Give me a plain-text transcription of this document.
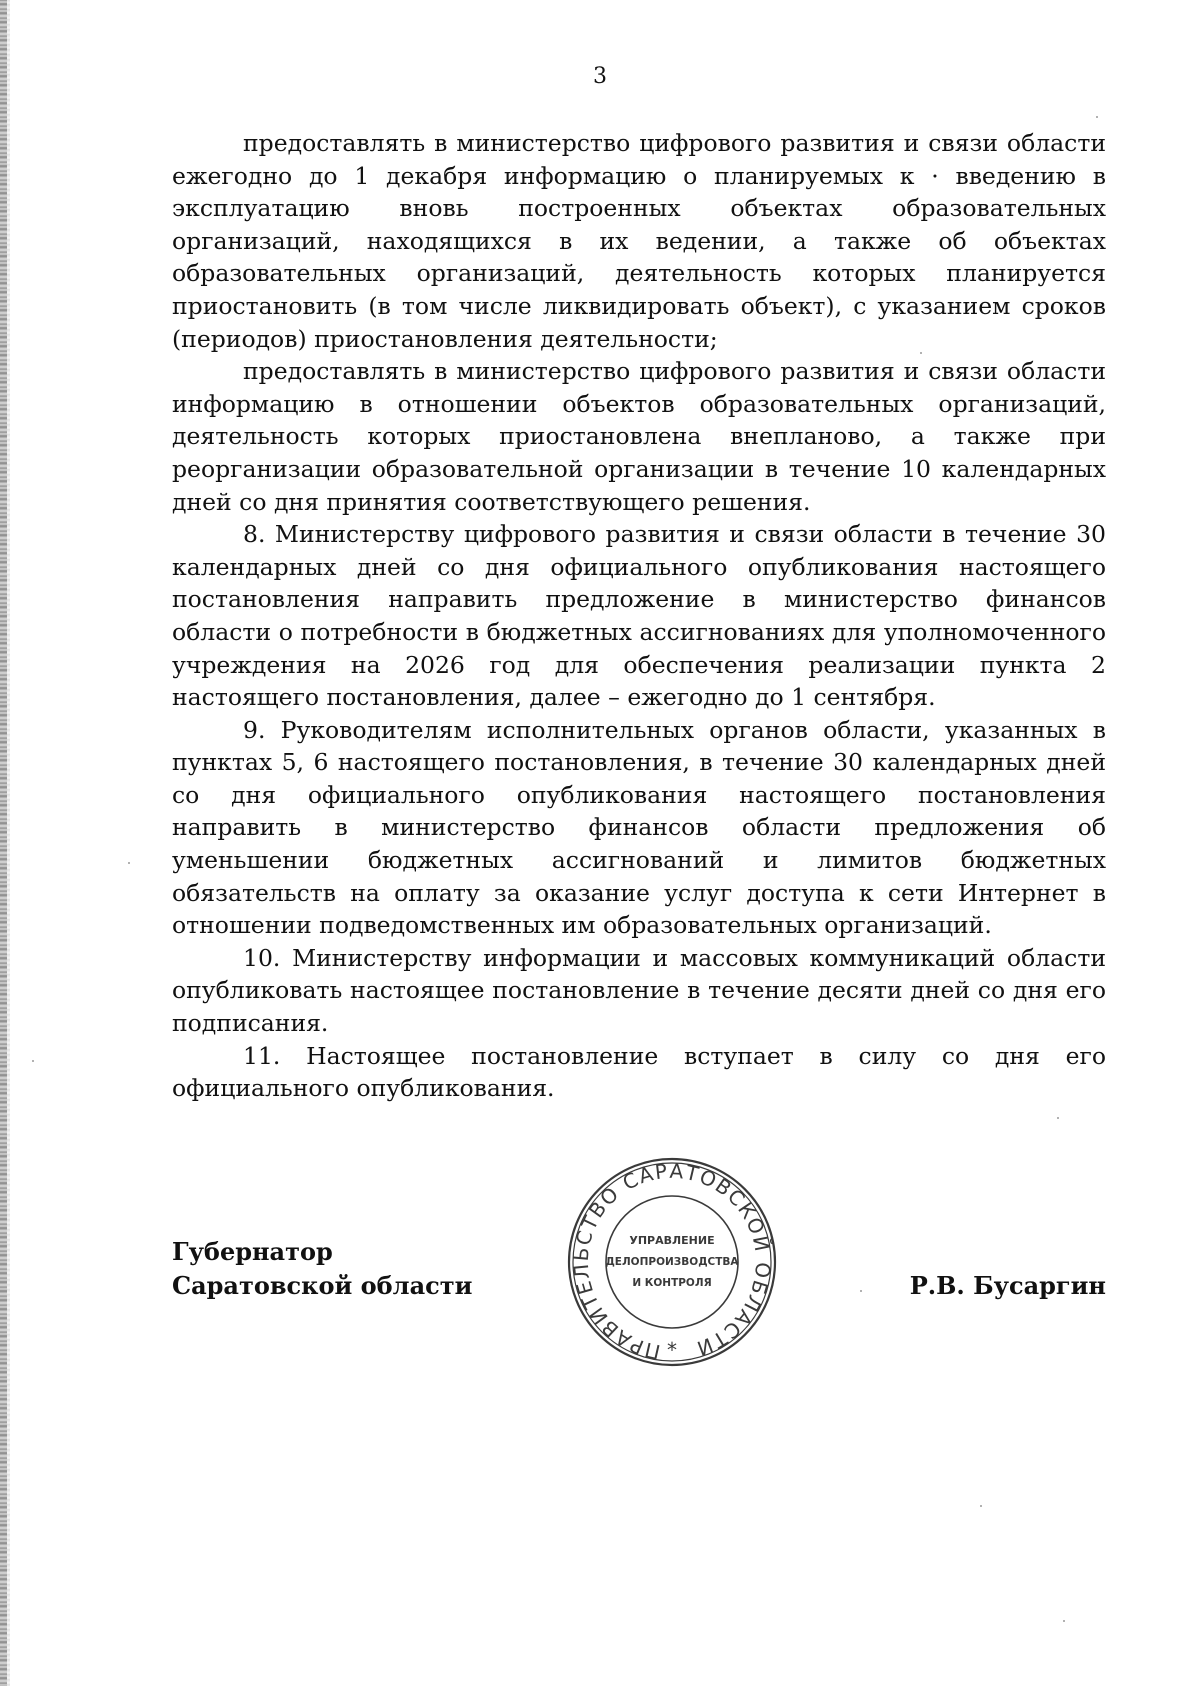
3

предоставлять в министерство цифрового развития и связи области ежегодно до 1 декабря информацию о планируемых к · введению в эксплуатацию вновь построенных объектах образовательных организаций, находящихся в их ведении, а также об объектах образовательных организаций, деятельность которых планируется приостановить (в том числе ликвидировать объект), с указанием сроков (периодов) приостановления деятельности;

предоставлять в министерство цифрового развития и связи области информацию в отношении объектов образовательных организаций, деятельность которых приостановлена внепланово, а также при реорганизации образовательной организации в течение 10 календарных дней со дня принятия соответствующего решения.

8. Министерству цифрового развития и связи области в течение 30 календарных дней со дня официального опубликования настоящего постановления направить предложение в министерство финансов области о потребности в бюджетных ассигнованиях для уполномоченного учреждения на 2026 год для обеспечения реализации пункта 2 настоящего постановления, далее – ежегодно до 1 сентября.

9. Руководителям исполнительных органов области, указанных в пунктах 5, 6 настоящего постановления, в течение 30 календарных дней со дня официального опубликования настоящего постановления направить в министерство финансов области предложения об уменьшении бюджетных ассигнований и лимитов бюджетных обязательств на оплату за оказание услуг доступа к сети Интернет в отношении подведомственных им образовательных организаций.

10. Министерству информации и массовых коммуникаций области опубликовать настоящее постановление в течение десяти дней со дня его подписания.

11. Настоящее постановление вступает в силу со дня его официального опубликования.

Губернатор
Саратовской области	Р.В. Бусаргин
ПРАВИТЕЛЬСТВО САРАТОВСКОЙ ОБЛАСТИ
УПРАВЛЕНИЕ
ДЕЛОПРОИЗВОДСТВА
И КОНТРОЛЯ
*
